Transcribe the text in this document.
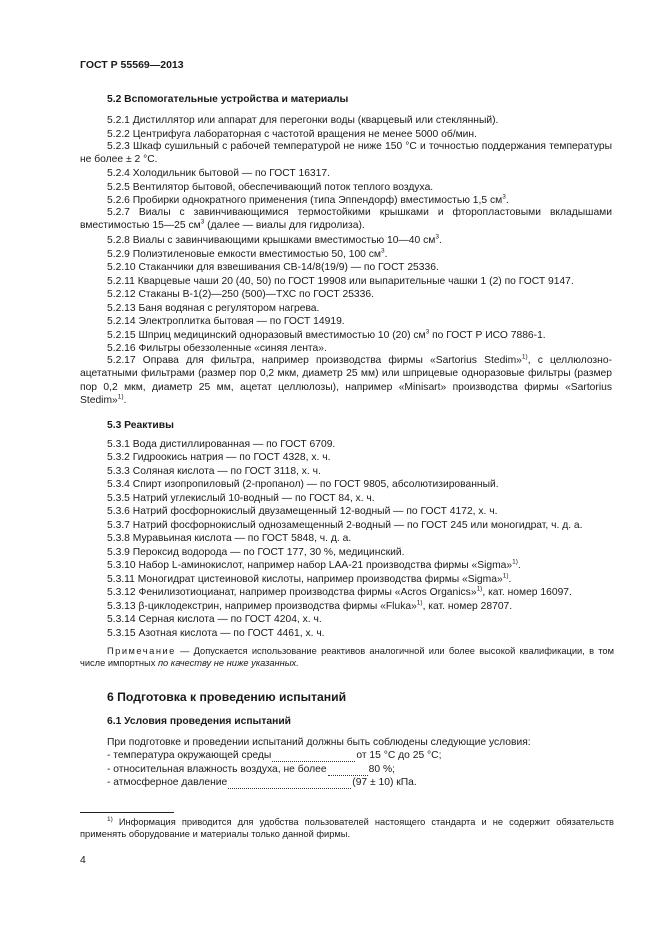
ГОСТ Р 55569—2013
5.2 Вспомогательные устройства и материалы
5.2.1 Дистиллятор или аппарат для перегонки воды (кварцевый или стеклянный).
5.2.2 Центрифуга лабораторная с частотой вращения не менее 5000 об/мин.
5.2.3 Шкаф сушильный с рабочей температурой не ниже 150 °С и точностью поддержания температуры не более ± 2 °С.
5.2.4 Холодильник бытовой — по ГОСТ 16317.
5.2.5 Вентилятор бытовой, обеспечивающий поток теплого воздуха.
5.2.6 Пробирки однократного применения (типа Эппендорф) вместимостью 1,5 $см^3$.
5.2.7 Виалы с завинчивающимися термостойкими крышками и фторопластовыми вкладышами вместимостью 15—25 $см^3$ (далее — виалы для гидролиза).
5.2.8 Виалы с завинчивающими крышками вместимостью 10—40 $см^3$.
5.2.9 Полиэтиленовые емкости вместимостью 50, 100 $см^3$.
5.2.10 Стаканчики для взвешивания СВ-14/8(19/9) — по ГОСТ 25336.
5.2.11 Кварцевые чаши 20 (40, 50) по ГОСТ 19908 или выпарительные чашки 1 (2) по ГОСТ 9147.
5.2.12 Стаканы В-1(2)—250 (500)—ТХС по ГОСТ 25336.
5.2.13 Баня водяная с регулятором нагрева.
5.2.14 Электроплитка бытовая — по ГОСТ 14919.
5.2.15 Шприц медицинский одноразовый вместимостью 10 (20) $см^3$ по ГОСТ Р ИСО 7886-1.
5.2.16 Фильтры обеззоленные «синяя лента».
5.2.17 Оправа для фильтра, например производства фирмы «Sartorius Stedim»$^{1)}$, с целлюлозно-ацетатными фильтрами (размер пор 0,2 мкм, диаметр 25 мм) или шприцевые одноразовые фильтры (размер пор 0,2 мкм, диаметр 25 мм, ацетат целлюлозы), например «Minisart» производства фирмы «Sartorius Stedim»$^{1)}$.
5.3 Реактивы
5.3.1 Вода дистиллированная — по ГОСТ 6709.
5.3.2 Гидроокись натрия — по ГОСТ 4328, х. ч.
5.3.3 Соляная кислота — по ГОСТ 3118, х. ч.
5.3.4 Спирт изопропиловый (2-пропанол) — по ГОСТ 9805, абсолютизированный.
5.3.5 Натрий углекислый 10-водный — по ГОСТ 84, х. ч.
5.3.6 Натрий фосфорнокислый двузамещенный 12-водный — по ГОСТ 4172, х. ч.
5.3.7 Натрий фосфорнокислый однозамещенный 2-водный — по ГОСТ 245 или моногидрат, ч. д. а.
5.3.8 Муравьиная кислота — по ГОСТ 5848, ч. д. а.
5.3.9 Пероксид водорода — по ГОСТ 177, 30 %, медицинский.
5.3.10 Набор L-аминокислот, например набор LAA-21 производства фирмы «Sigma»$^{1)}$.
5.3.11 Моногидрат цистеиновой кислоты, например производства фирмы «Sigma»$^{1)}$.
5.3.12 Фенилизотиоцианат, например производства фирмы «Acros Organics»$^{1)}$, кат. номер 16097.
5.3.13 β-циклодекстрин, например производства фирмы «Fluka»$^{1)}$, кат. номер 28707.
5.3.14 Серная кислота — по ГОСТ 4204, х. ч.
5.3.15 Азотная кислота — по ГОСТ 4461, х. ч.
Примечание — Допускается использование реактивов аналогичной или более высокой квалификации, в том числе импортных по качеству не ниже указанных.
6 Подготовка к проведению испытаний
6.1 Условия проведения испытаний
При подготовке и проведении испытаний должны быть соблюдены следующие условия:
- температура окружающей среды	от 15 °С до 25 °С;
- относительная влажность воздуха, не более	80 %;
- атмосферное давление	(97 ± 10) кПа.
$^{1)}$ Информация приводится для удобства пользователей настоящего стандарта и не содержит обязательств применять оборудование и материалы только данной фирмы.
4
